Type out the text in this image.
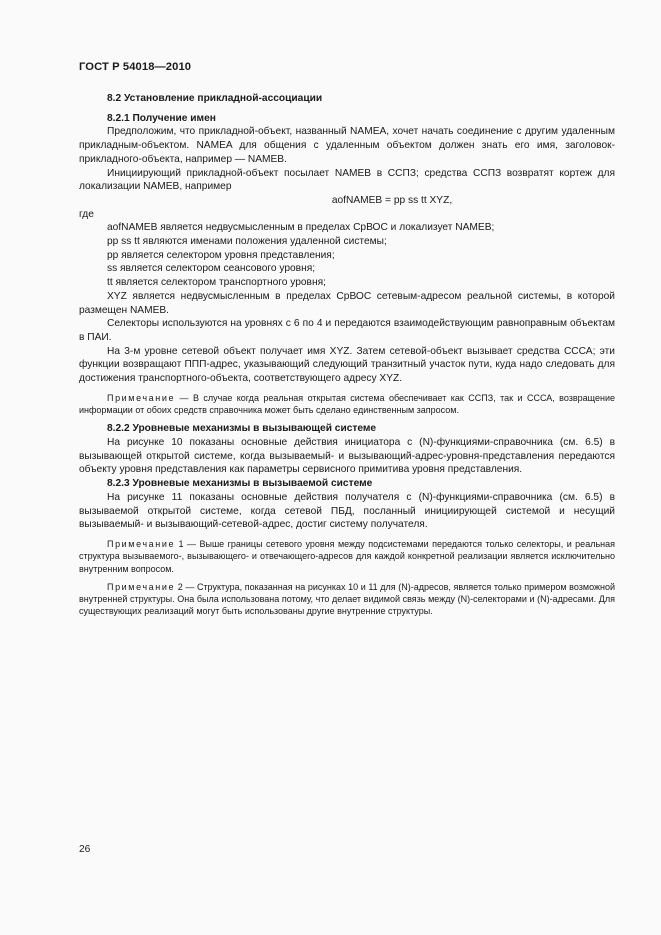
ГОСТ Р 54018—2010
8.2 Установление прикладной-ассоциации
8.2.1 Получение имен

Предположим, что прикладной-объект, названный NAMEA, хочет начать соединение с другим удаленным прикладным-объектом. NAMEA для общения с удаленным объектом должен знать его имя, заголовок-прикладного-объекта, например — NAMEB.

Инициирующий прикладной-объект посылает NAMEB в ССПЗ; средства ССПЗ возвратят кортеж для локализации NAMEB, например

aofNAMEB = pp ss tt XYZ,

где

aofNAMEB является недвусмысленным в пределах СрВОС и локализует NAMEB;

pp ss tt являются именами положения удаленной системы;

pp является селектором уровня представления;

ss является селектором сеансового уровня;

tt является селектором транспортного уровня;

XYZ является недвусмысленным в пределах СрВОС сетевым-адресом реальной системы, в которой размещен NAMEB.

Селекторы используются на уровнях с 6 по 4 и передаются взаимодействующим равноправным объектам в ПАИ.

На 3-м уровне сетевой объект получает имя XYZ. Затем сетевой-объект вызывает средства СССА; эти функции возвращают ППП-адрес, указывающий следующий транзитный участок пути, куда надо следовать для достижения транспортного-объекта, соответствующего адресу XYZ.

Примечание — В случае когда реальная открытая система обеспечивает как ССПЗ, так и СССА, возвращение информации от обоих средств справочника может быть сделано единственным запросом.

8.2.2 Уровневые механизмы в вызывающей системе

На рисунке 10 показаны основные действия инициатора с (N)-функциями-справочника (см. 6.5) в вызывающей открытой системе, когда вызываемый- и вызывающий-адрес-уровня-представления передаются объекту уровня представления как параметры сервисного примитива уровня представления.

8.2.3 Уровневые механизмы в вызываемой системе

На рисунке 11 показаны основные действия получателя с (N)-функциями-справочника (см. 6.5) в вызываемой открытой системе, когда сетевой ПБД, посланный инициирующей системой и несущий вызываемый- и вызывающий-сетевой-адрес, достиг систему получателя.

Примечание 1 — Выше границы сетевого уровня между подсистемами передаются только селекторы, и реальная структура вызываемого-, вызывающего- и отвечающего-адресов для каждой конкретной реализации является исключительно внутренним вопросом.

Примечание 2 — Структура, показанная на рисунках 10 и 11 для (N)-адресов, является только примером возможной внутренней структуры. Она была использована потому, что делает видимой связь между (N)-селекторами и (N)-адресами. Для существующих реализаций могут быть использованы другие внутренние структуры.

26
